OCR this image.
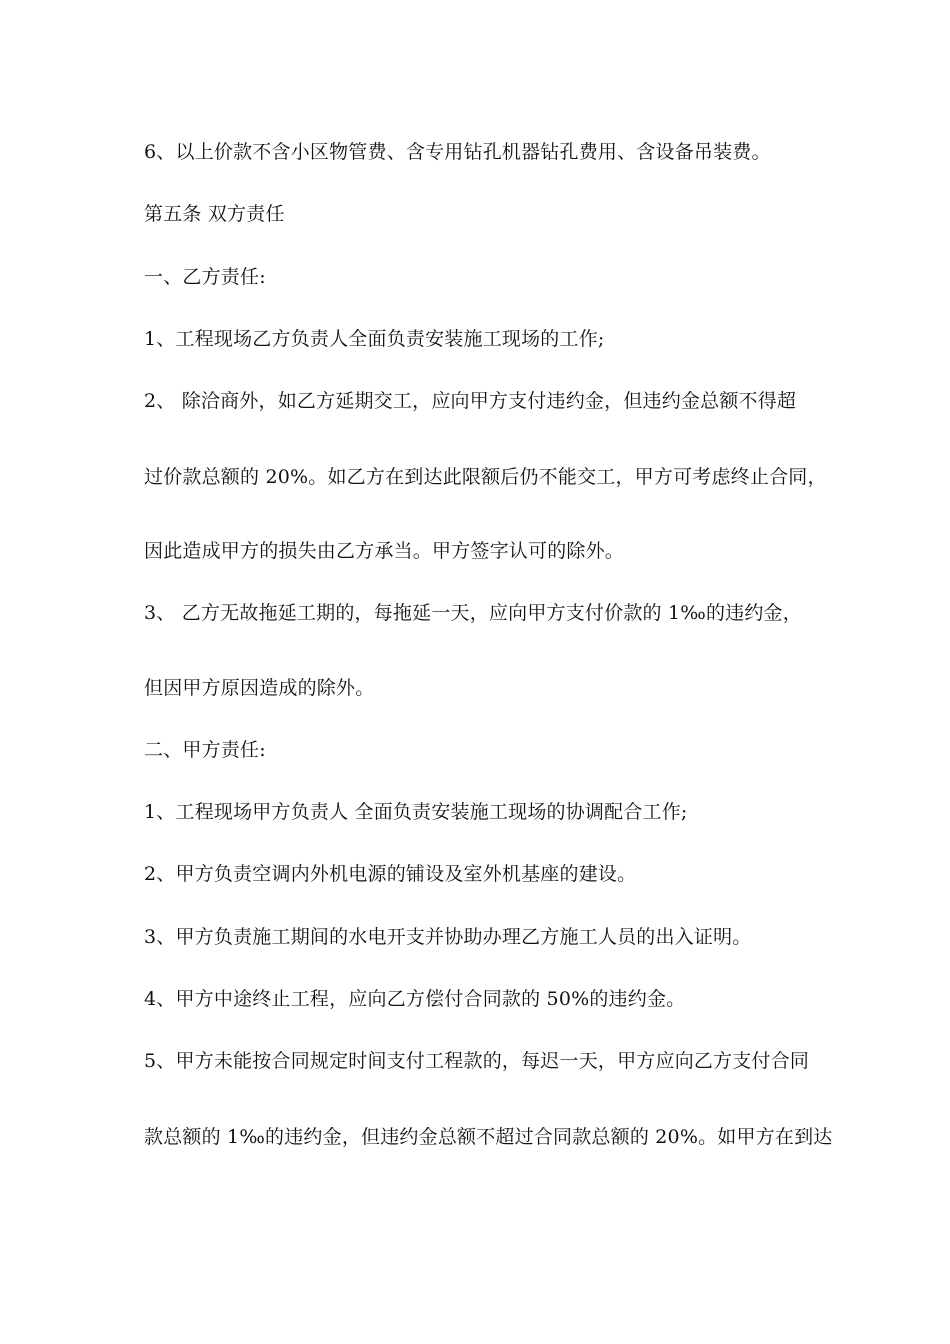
6、以上价款不含小区物管费、含专用钻孔机器钻孔费用、含设备吊装费。
第五条 双方责任
一、乙方责任:
1、工程现场乙方负责人全面负责安装施工现场的工作;
2、 除洽商外，如乙方延期交工，应向甲方支付违约金，但违约金总额不得超
过价款总额的 20%。如乙方在到达此限额后仍不能交工，甲方可考虑终止合同，
因此造成甲方的损失由乙方承当。甲方签字认可的除外。
3、 乙方无故拖延工期的，每拖延一天，应向甲方支付价款的 1‰的违约金，
但因甲方原因造成的除外。
二、甲方责任:
1、工程现场甲方负责人 全面负责安装施工现场的协调配合工作;
2、甲方负责空调内外机电源的铺设及室外机基座的建设。
3、甲方负责施工期间的水电开支并协助办理乙方施工人员的出入证明。
4、甲方中途终止工程，应向乙方偿付合同款的 50%的违约金。
5、甲方未能按合同规定时间支付工程款的，每迟一天，甲方应向乙方支付合同
款总额的 1‰的违约金，但违约金总额不超过合同款总额的 20%。如甲方在到达
